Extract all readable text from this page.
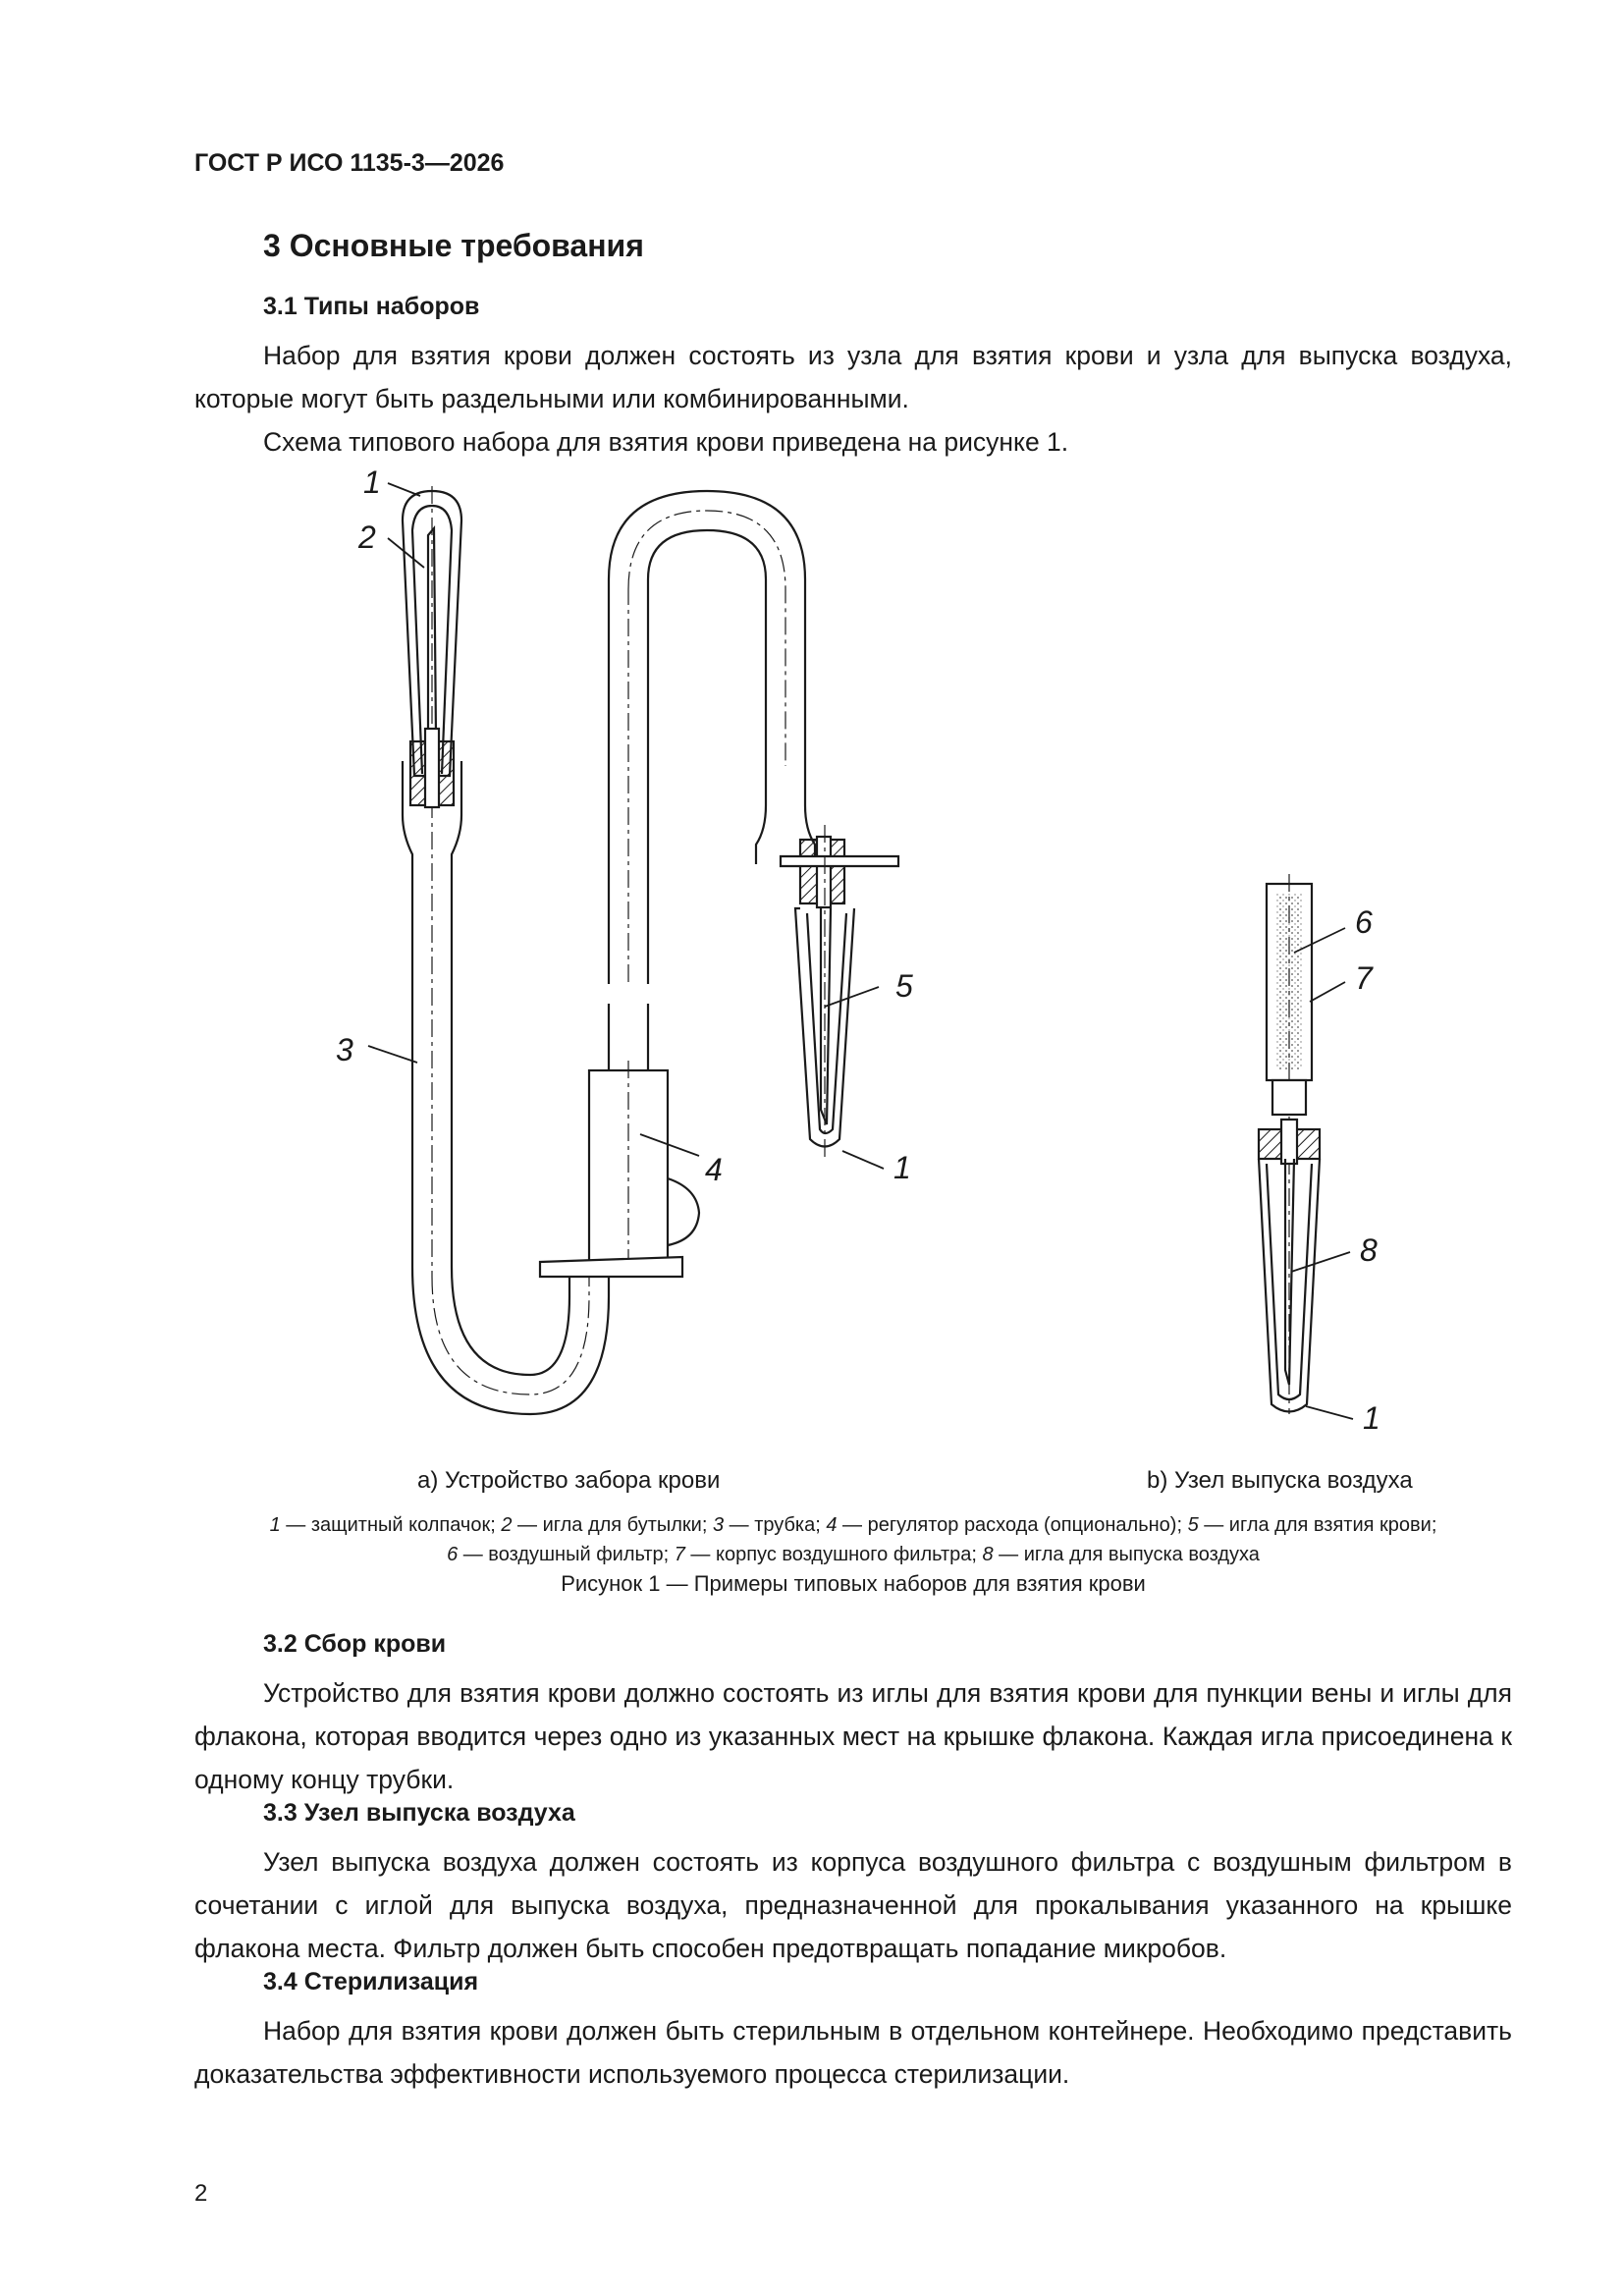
ГОСТ Р ИСО 1135-3—2026
3 Основные требования
3.1 Типы наборов

Набор для взятия крови должен состоять из узла для взятия крови и узла для выпуска воздуха, которые могут быть раздельными или комбинированными.

Схема типового набора для взятия крови приведена на рисунке 1.

1
2
3
4
5
1
6
7
8
1
a) Устройство забора крови	b) Узел выпуска воздуха
1 — защитный колпачок; 2 — игла для бутылки; 3 — трубка; 4 — регулятор расхода (опционально); 5 — игла для взятия крови;
6 — воздушный фильтр; 7 — корпус воздушного фильтра; 8 — игла для выпуска воздуха
Рисунок 1 — Примеры типовых наборов для взятия крови
3.2 Сбор крови

Устройство для взятия крови должно состоять из иглы для взятия крови для пункции вены и иглы для флакона, которая вводится через одно из указанных мест на крышке флакона. Каждая игла присоединена к одному концу трубки.

3.3 Узел выпуска воздуха

Узел выпуска воздуха должен состоять из корпуса воздушного фильтра с воздушным фильтром в сочетании с иглой для выпуска воздуха, предназначенной для прокалывания указанного на крышке флакона места. Фильтр должен быть способен предотвращать попадание микробов.

3.4 Стерилизация

Набор для взятия крови должен быть стерильным в отдельном контейнере. Необходимо представить доказательства эффективности используемого процесса стерилизации.

2
